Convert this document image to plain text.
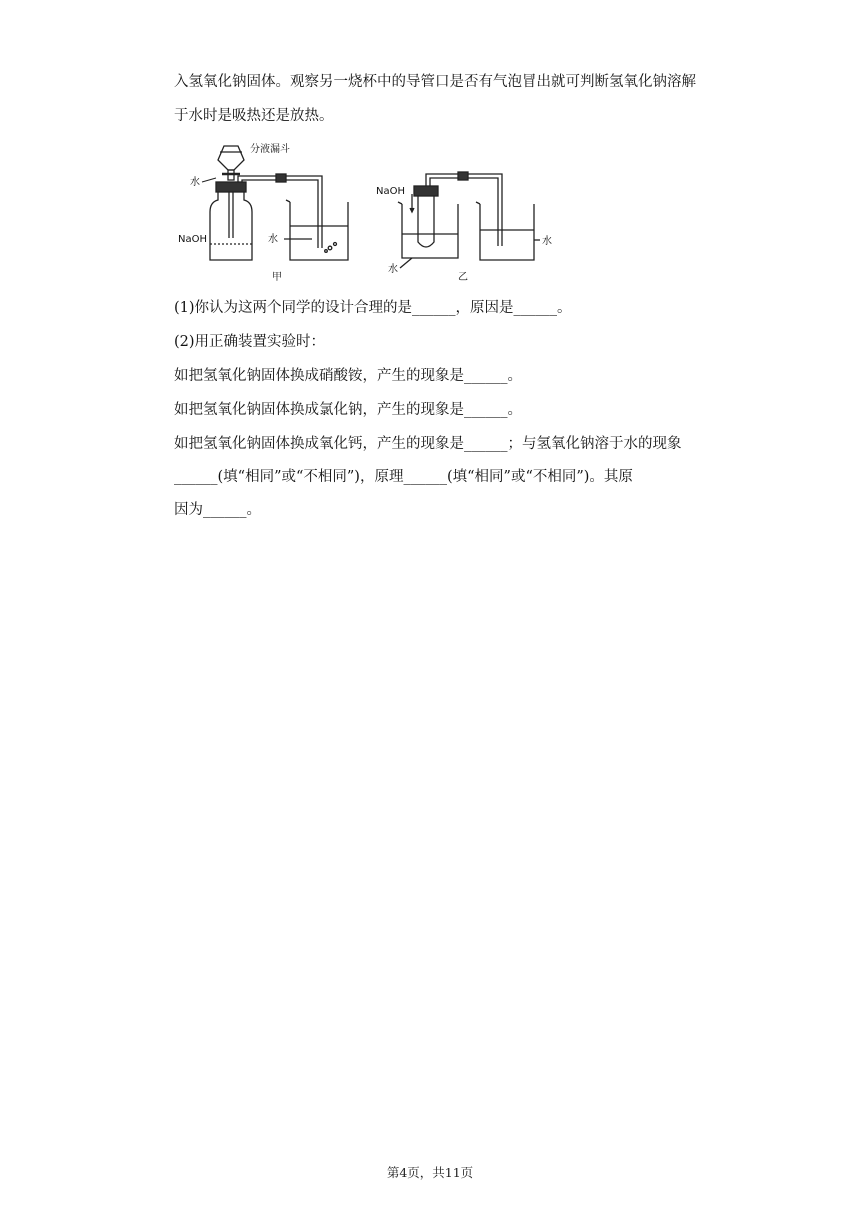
入氢氧化钠固体。观察另一烧杯中的导管口是否有气泡冒出就可判断氢氧化钠溶解
于水时是吸热还是放热。
分液漏斗
水
NaOH	水
甲
NaOH
水
水
乙
(1)你认为这两个同学的设计合理的是______，原因是______。
(2)用正确装置实验时：
如把氢氧化钠固体换成硝酸铵，产生的现象是______。
如把氢氧化钠固体换成氯化钠，产生的现象是______。
如把氢氧化钠固体换成氧化钙，产生的现象是______；与氢氧化钠溶于水的现象
______(填“相同”或“不相同”)，原理______(填“相同”或“不相同”)。其原
因为______。
第4页，共11页
